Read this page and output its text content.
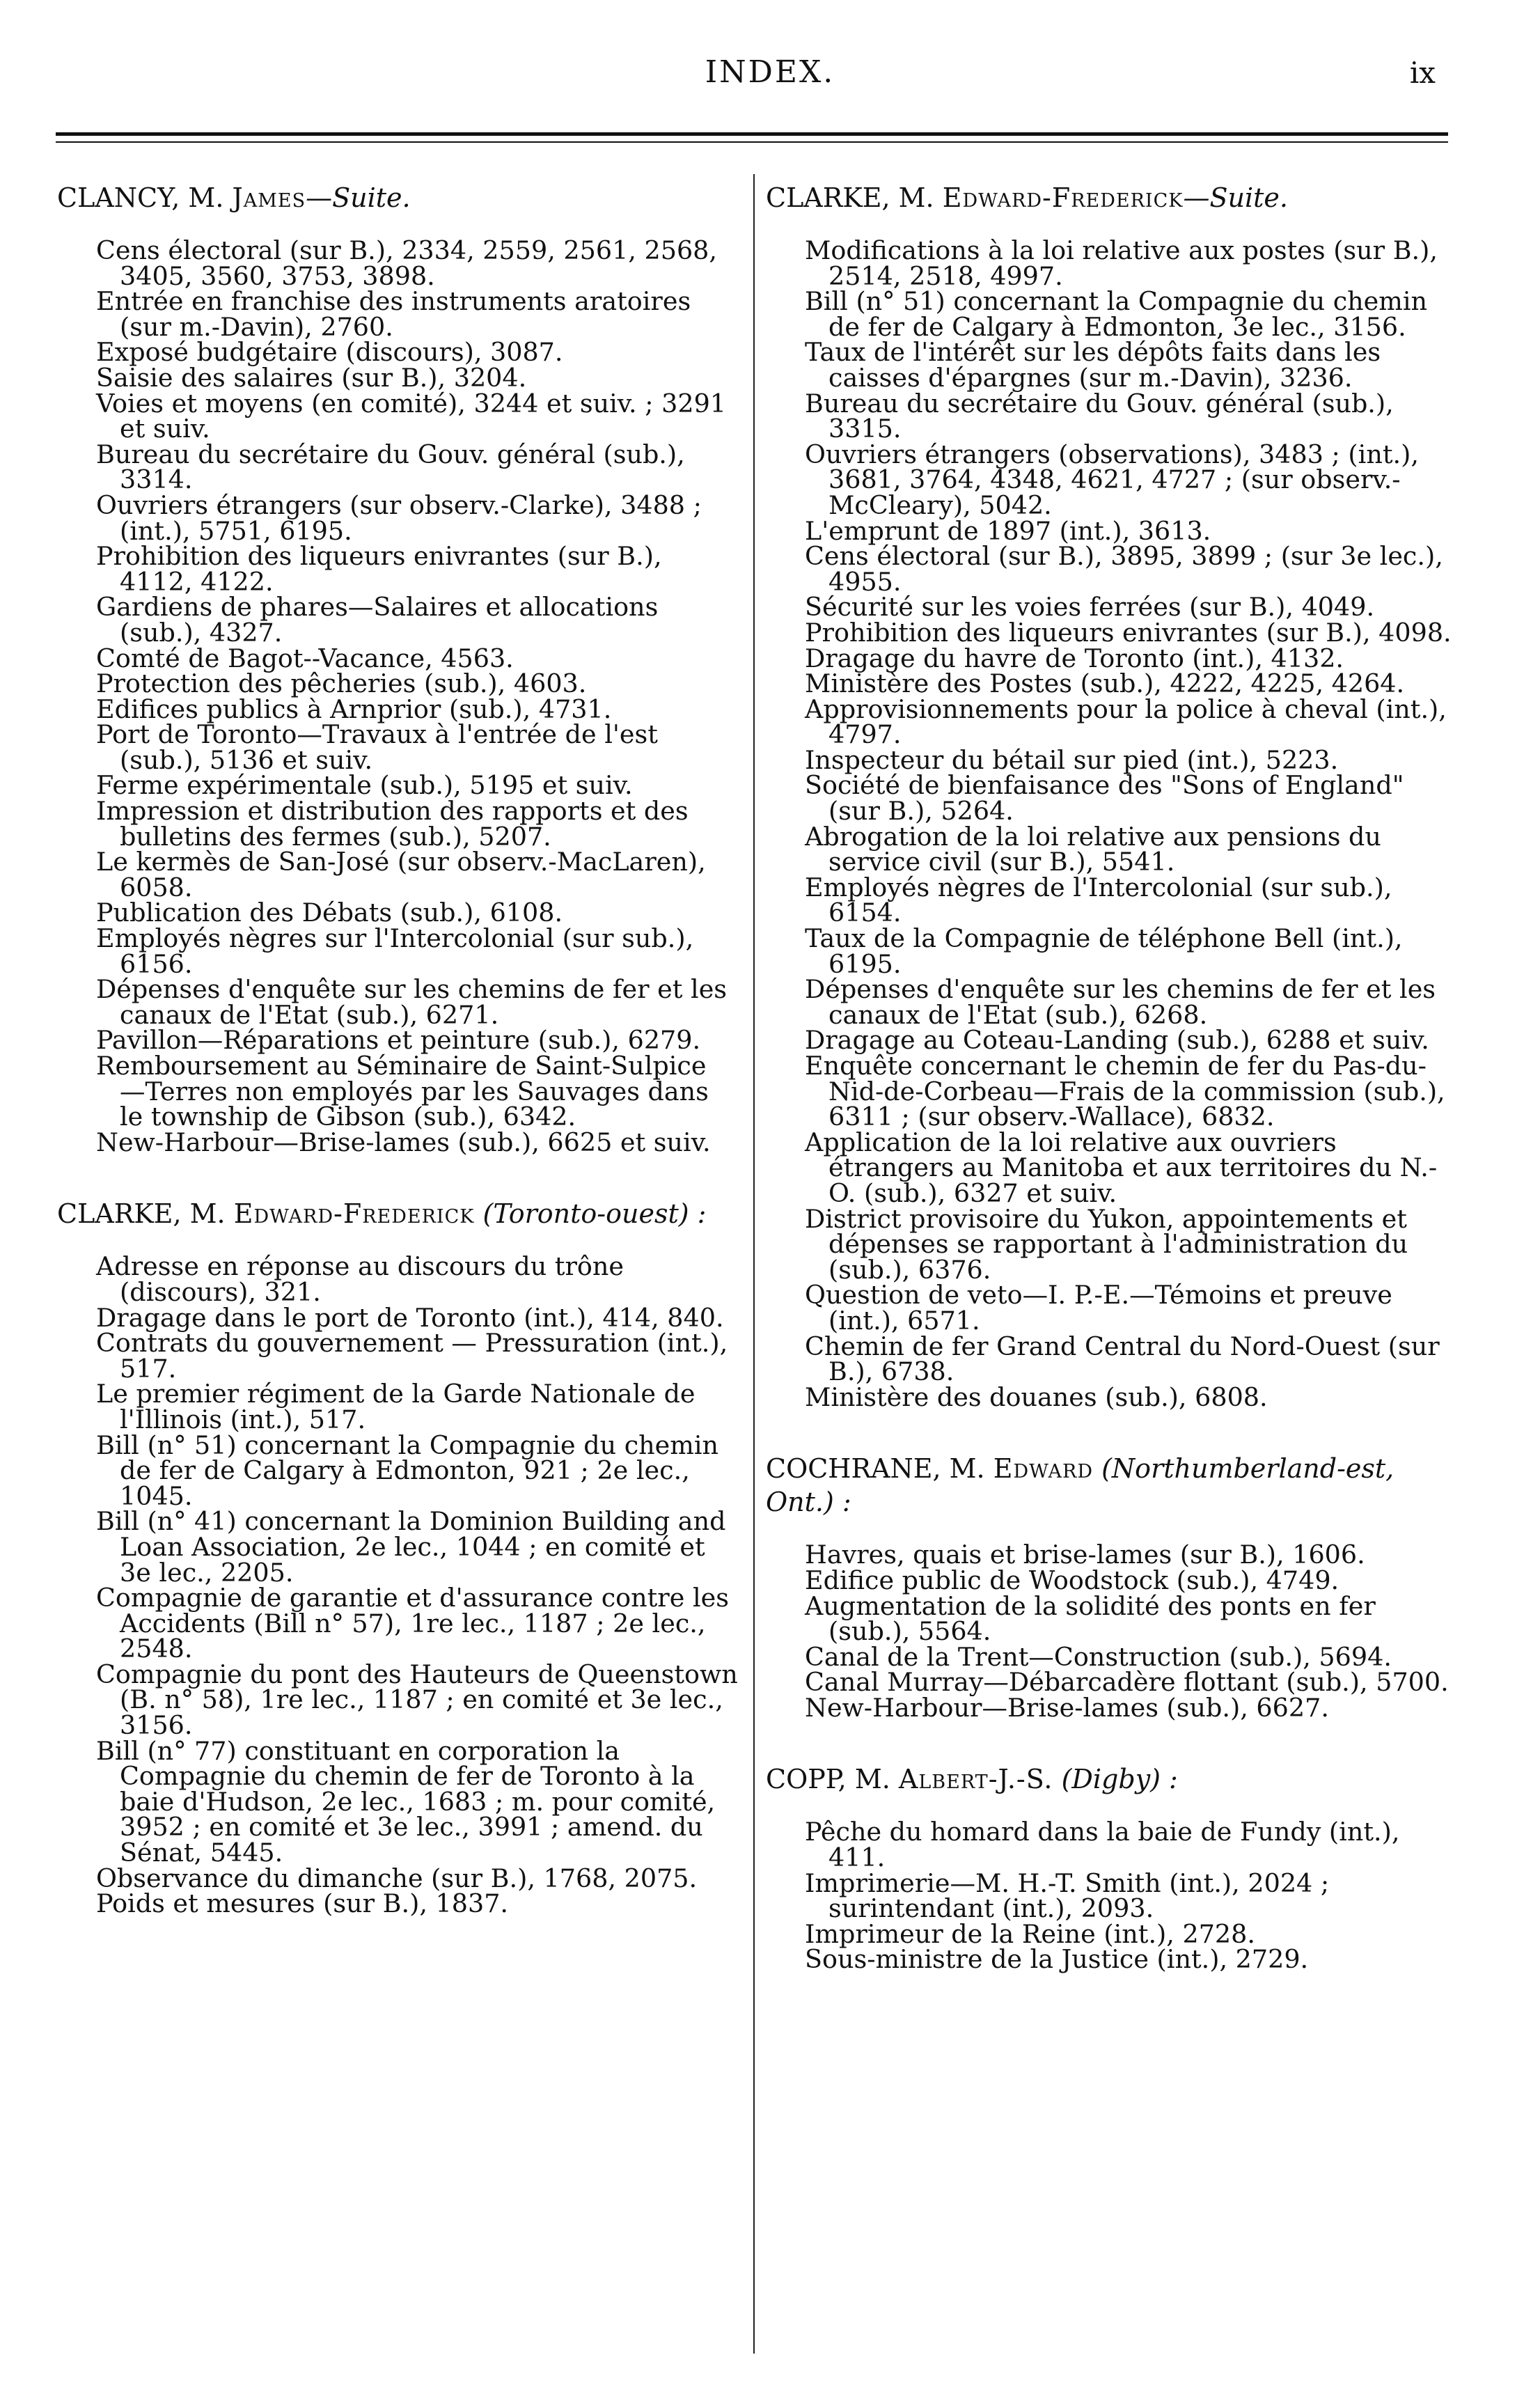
INDEX.	ix
CLANCY, M. James—Suite.
Cens électoral (sur B.), 2334, 2559, 2561, 2568, 3405, 3560, 3753, 3898.
Entrée en franchise des instruments aratoires (sur m.-Davin), 2760.
Exposé budgétaire (discours), 3087.
Saisie des salaires (sur B.), 3204.
Voies et moyens (en comité), 3244 et suiv. ; 3291 et suiv.
Bureau du secrétaire du Gouv. général (sub.), 3314.
Ouvriers étrangers (sur observ.-Clarke), 3488 ; (int.), 5751, 6195.
Prohibition des liqueurs enivrantes (sur B.), 4112, 4122.
Gardiens de phares—Salaires et allocations (sub.), 4327.
Comté de Bagot--Vacance, 4563.
Protection des pêcheries (sub.), 4603.
Edifices publics à Arnprior (sub.), 4731.
Port de Toronto—Travaux à l'entrée de l'est (sub.), 5136 et suiv.
Ferme expérimentale (sub.), 5195 et suiv.
Impression et distribution des rapports et des bulletins des fermes (sub.), 5207.
Le kermès de San-José (sur observ.-MacLaren), 6058.
Publication des Débats (sub.), 6108.
Employés nègres sur l'Intercolonial (sur sub.), 6156.
Dépenses d'enquête sur les chemins de fer et les canaux de l'Etat (sub.), 6271.
Pavillon—Réparations et peinture (sub.), 6279.
Remboursement au Séminaire de Saint-Sulpice —Terres non employés par les Sauvages dans le township de Gibson (sub.), 6342.
New-Harbour—Brise-lames (sub.), 6625 et suiv.
CLARKE, M. Edward-Frederick (Toronto-ouest) :
Adresse en réponse au discours du trône (discours), 321.
Dragage dans le port de Toronto (int.), 414, 840.
Contrats du gouvernement — Pressuration (int.), 517.
Le premier régiment de la Garde Nationale de l'Illinois (int.), 517.
Bill (n° 51) concernant la Compagnie du chemin de fer de Calgary à Edmonton, 921 ; 2e lec., 1045.
Bill (n° 41) concernant la Dominion Building and Loan Association, 2e lec., 1044 ; en comité et 3e lec., 2205.
Compagnie de garantie et d'assurance contre les Accidents (Bill n° 57), 1re lec., 1187 ; 2e lec., 2548.
Compagnie du pont des Hauteurs de Queenstown (B. n° 58), 1re lec., 1187 ; en comité et 3e lec., 3156.
Bill (n° 77) constituant en corporation la Compagnie du chemin de fer de Toronto à la baie d'Hudson, 2e lec., 1683 ; m. pour comité, 3952 ; en comité et 3e lec., 3991 ; amend. du Sénat, 5445.
Observance du dimanche (sur B.), 1768, 2075.
Poids et mesures (sur B.), 1837.
CLARKE, M. Edward-Frederick—Suite.
Modifications à la loi relative aux postes (sur B.), 2514, 2518, 4997.
Bill (n° 51) concernant la Compagnie du chemin de fer de Calgary à Edmonton, 3e lec., 3156.
Taux de l'intérêt sur les dépôts faits dans les caisses d'épargnes (sur m.-Davin), 3236.
Bureau du secrétaire du Gouv. général (sub.), 3315.
Ouvriers étrangers (observations), 3483 ; (int.), 3681, 3764, 4348, 4621, 4727 ; (sur observ.-McCleary), 5042.
L'emprunt de 1897 (int.), 3613.
Cens électoral (sur B.), 3895, 3899 ; (sur 3e lec.), 4955.
Sécurité sur les voies ferrées (sur B.), 4049.
Prohibition des liqueurs enivrantes (sur B.), 4098.
Dragage du havre de Toronto (int.), 4132.
Ministère des Postes (sub.), 4222, 4225, 4264.
Approvisionnements pour la police à cheval (int.), 4797.
Inspecteur du bétail sur pied (int.), 5223.
Société de bienfaisance des "Sons of England" (sur B.), 5264.
Abrogation de la loi relative aux pensions du service civil (sur B.), 5541.
Employés nègres de l'Intercolonial (sur sub.), 6154.
Taux de la Compagnie de téléphone Bell (int.), 6195.
Dépenses d'enquête sur les chemins de fer et les canaux de l'Etat (sub.), 6268.
Dragage au Coteau-Landing (sub.), 6288 et suiv.
Enquête concernant le chemin de fer du Pas-du-Nid-de-Corbeau—Frais de la commission (sub.), 6311 ; (sur observ.-Wallace), 6832.
Application de la loi relative aux ouvriers étrangers au Manitoba et aux territoires du N.-O. (sub.), 6327 et suiv.
District provisoire du Yukon, appointements et dépenses se rapportant à l'administration du (sub.), 6376.
Question de veto—I. P.-E.—Témoins et preuve (int.), 6571.
Chemin de fer Grand Central du Nord-Ouest (sur B.), 6738.
Ministère des douanes (sub.), 6808.
COCHRANE, M. Edward (Northumberland-est, Ont.) :
Havres, quais et brise-lames (sur B.), 1606.
Edifice public de Woodstock (sub.), 4749.
Augmentation de la solidité des ponts en fer (sub.), 5564.
Canal de la Trent—Construction (sub.), 5694.
Canal Murray—Débarcadère flottant (sub.), 5700.
New-Harbour—Brise-lames (sub.), 6627.
COPP, M. Albert-J.-S. (Digby) :
Pêche du homard dans la baie de Fundy (int.), 411.
Imprimerie—M. H.-T. Smith (int.), 2024 ; surintendant (int.), 2093.
Imprimeur de la Reine (int.), 2728.
Sous-ministre de la Justice (int.), 2729.
